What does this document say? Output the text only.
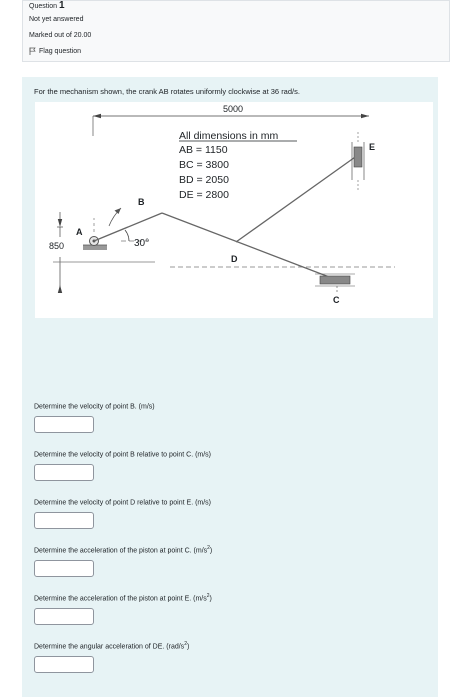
Question 1
Not yet answered
Marked out of 20.00
Flag question
For the mechanism shown, the crank AB rotates uniformly clockwise at 36 rad/s.
5000
All dimensions in mm
AB = 1150
BC = 3800
BD = 2050
DE = 2800
850
A
B
30°
D
C
E
Determine the velocity of point B. (m/s)
Determine the velocity of point B relative to point C. (m/s)
Determine the velocity of point D relative to point E. (m/s)
Determine the acceleration of the piston at point C. $(m/s^2)$
Determine the acceleration of the piston at point E. $(m/s^2)$
Determine the angular acceleration of DE. $(rad/s^2)$
